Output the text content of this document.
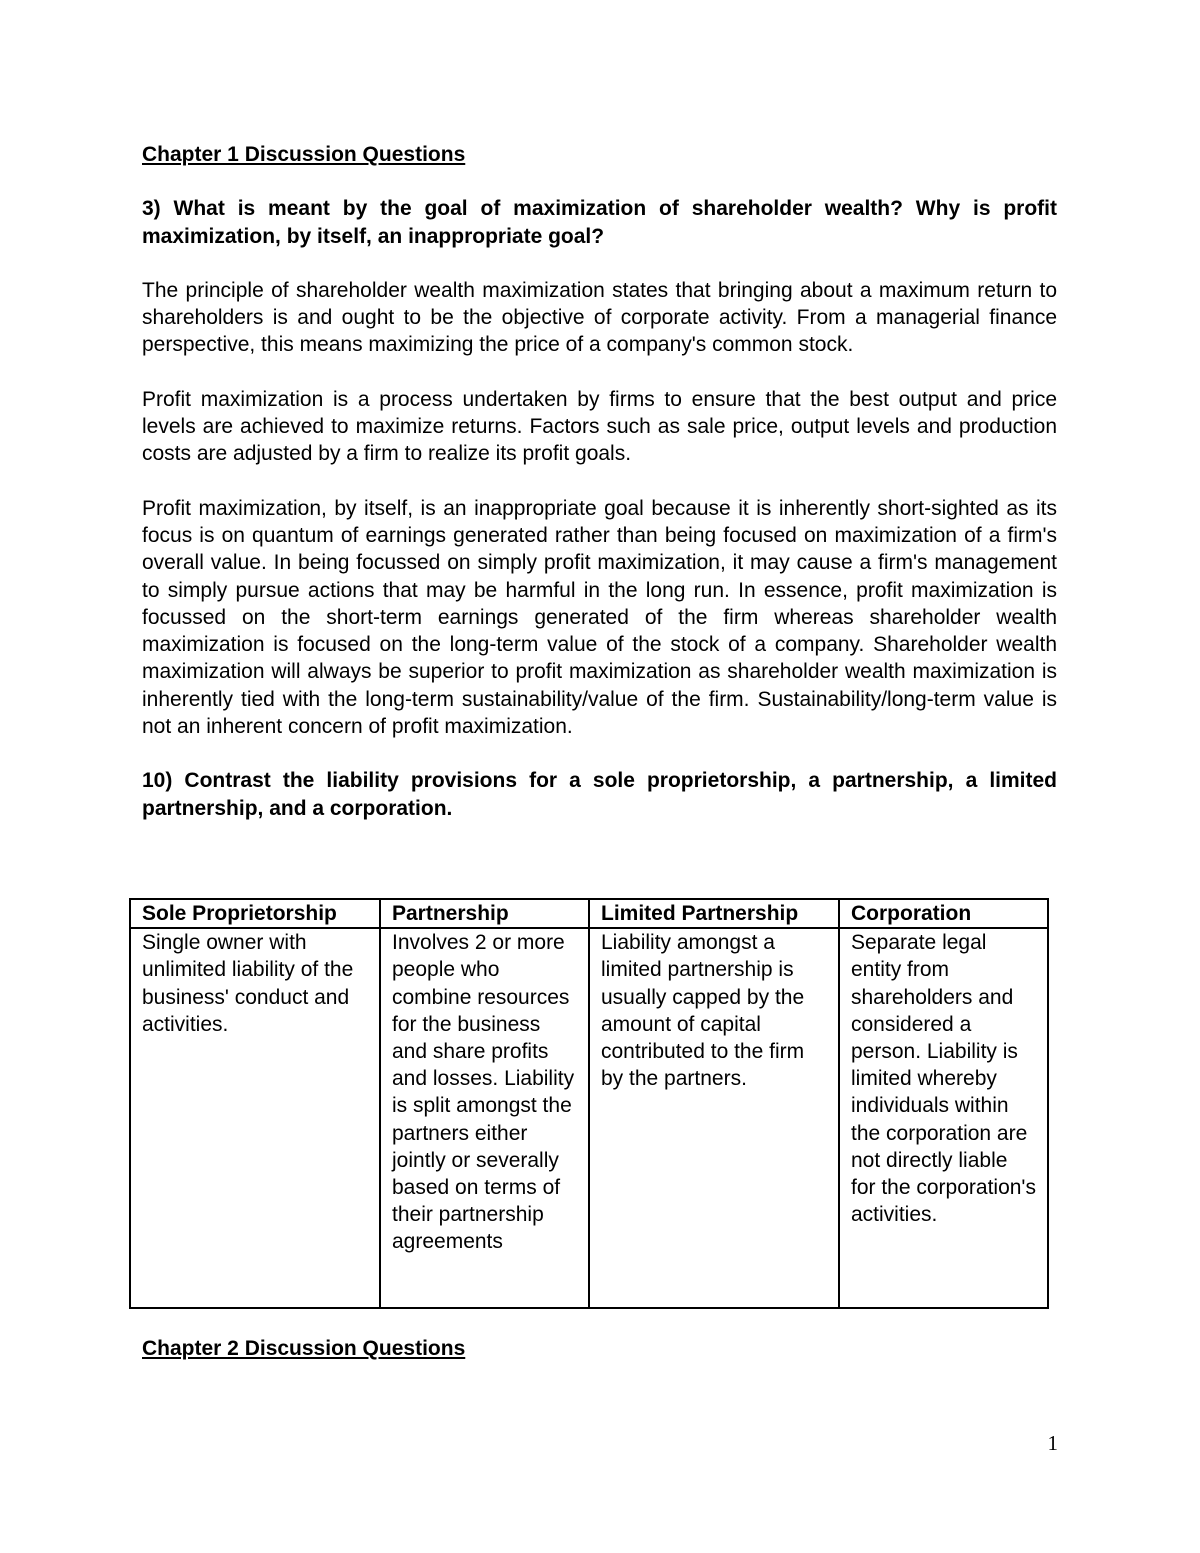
Chapter 1 Discussion Questions

3) What is meant by the goal of maximization of shareholder wealth? Why is profit maximization, by itself, an inappropriate goal?

The principle of shareholder wealth maximization states that bringing about a maximum return to shareholders is and ought to be the objective of corporate activity. From a managerial finance perspective, this means maximizing the price of a company's common stock.

Profit maximization is a process undertaken by firms to ensure that the best output and price levels are achieved to maximize returns. Factors such as sale price, output levels and production costs are adjusted by a firm to realize its profit goals.

Profit maximization, by itself, is an inappropriate goal because it is inherently short-sighted as its focus is on quantum of earnings generated rather than being focused on maximization of a firm's overall value. In being focussed on simply profit maximization, it may cause a firm's management to simply pursue actions that may be harmful in the long run. In essence, profit maximization is focussed on the short-term earnings generated of the firm whereas shareholder wealth maximization is focused on the long-term value of the stock of a company. Shareholder wealth maximization will always be superior to profit maximization as shareholder wealth maximization is inherently tied with the long-term sustainability/value of the firm. Sustainability/long-term value is not an inherent concern of profit maximization.

10) Contrast the liability provisions for a sole proprietorship, a partnership, a limited partnership, and a corporation.

Sole Proprietorship	Partnership	Limited Partnership	Corporation
Single owner with unlimited liability of the business' conduct and activities.	Involves 2 or more people who combine resources for the business and share profits and losses. Liability is split amongst the partners either jointly or severally based on terms of their partnership agreements	Liability amongst a limited partnership is usually capped by the amount of capital contributed to the firm by the partners.	Separate legal entity from shareholders and considered a person. Liability is limited whereby individuals within the corporation are not directly liable for the corporation's activities.
Chapter 2 Discussion Questions
1
